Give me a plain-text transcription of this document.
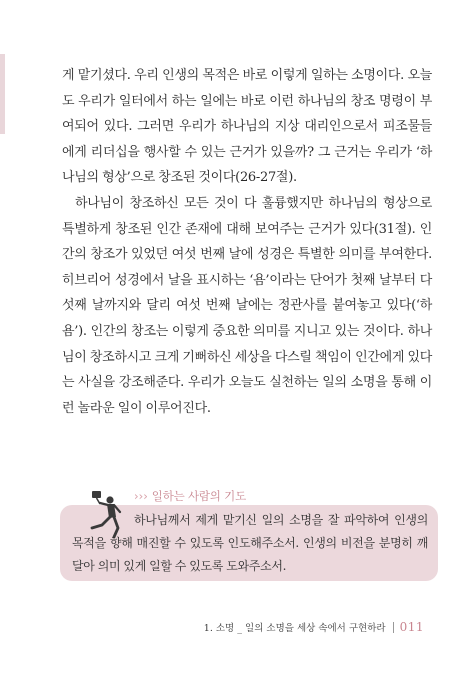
게 맡기셨다. 우리 인생의 목적은 바로 이렇게 일하는 소명이다. 오늘도 우리가 일터에서 하는 일에는 바로 이런 하나님의 창조 명령이 부여되어 있다. 그러면 우리가 하나님의 지상 대리인으로서 피조물들에게 리더십을 행사할 수 있는 근거가 있을까? 그 근거는 우리가 ‘하나님의 형상’으로 창조된 것이다(26-27절).

하나님이 창조하신 모든 것이 다 훌륭했지만 하나님의 형상으로 특별하게 창조된 인간 존재에 대해 보여주는 근거가 있다(31절). 인간의 창조가 있었던 여섯 번째 날에 성경은 특별한 의미를 부여한다. 히브리어 성경에서 날을 표시하는 ‘욤’이라는 단어가 첫째 날부터 다섯째 날까지와 달리 여섯 번째 날에는 정관사를 붙여놓고 있다(‘하 욤’). 인간의 창조는 이렇게 중요한 의미를 지니고 있는 것이다. 하나님이 창조하시고 크게 기뻐하신 세상을 다스릴 책임이 인간에게 있다는 사실을 강조해준다. 우리가 오늘도 실천하는 일의 소명을 통해 이런 놀라운 일이 이루어진다.

››› 일하는 사람의 기도
하나님께서 제게 맡기신 일의 소명을 잘 파악하여 인생의 목적을 향해 매진할 수 있도록 인도해주소서. 인생의 비전을 분명히 깨달아 의미 있게 일할 수 있도록 도와주소서.
1. 소명 _ 일의 소명을 세상 속에서 구현하라 011
